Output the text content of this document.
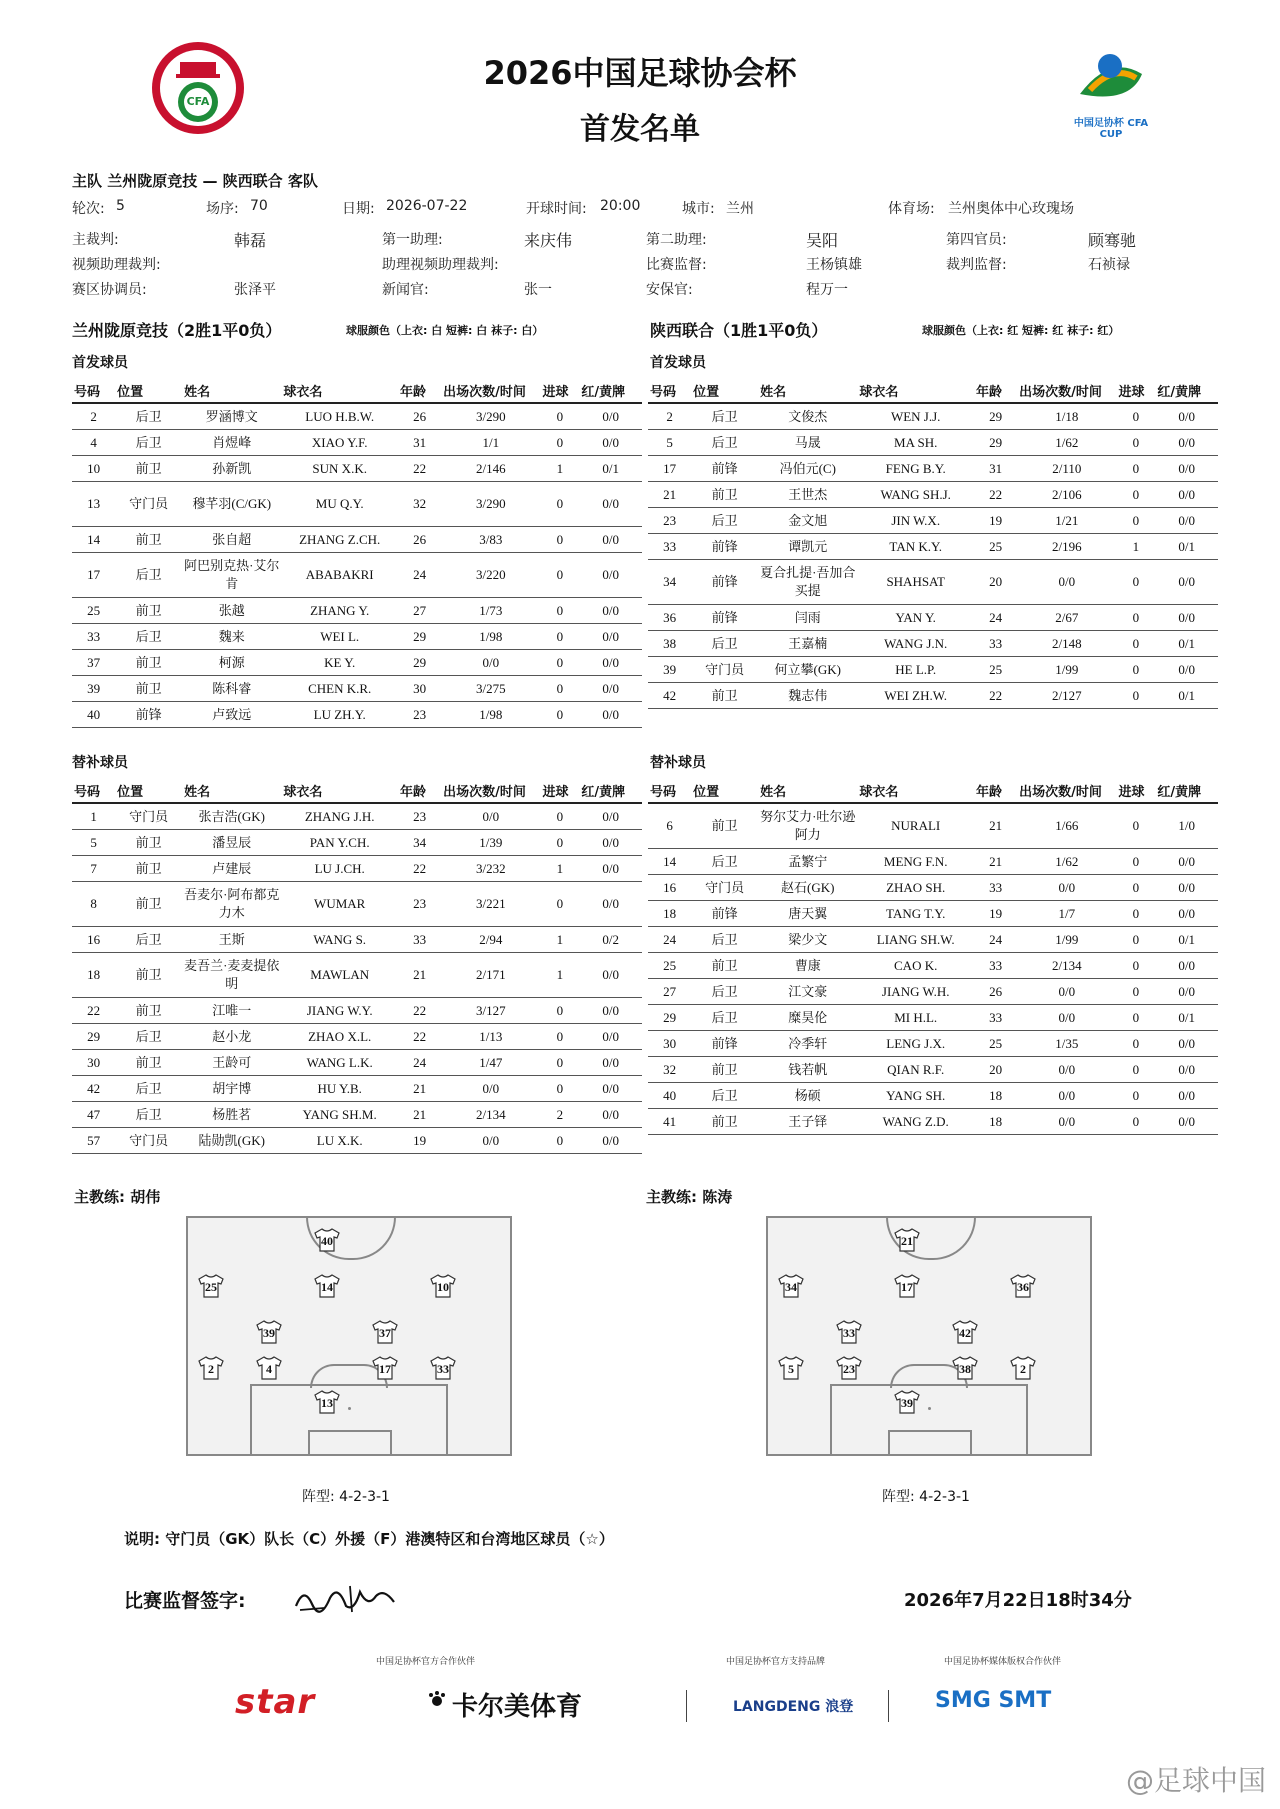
CFA
中国足协杯 CFA CUP
2026中国足球协会杯
首发名单
主队 兰州陇原竞技 — 陕西联合 客队
轮次: 5	场序: 70	日期: 2026-07-22	开球时间: 20:00	城市: 兰州	体育场: 兰州奥体中心玫瑰场
主裁判:	韩磊	第一助理:	来庆伟	第二助理:	吴阳	第四官员:	顾骞驰
视频助理裁判:	助理视频助理裁判:	比赛监督:	王杨镇雄	裁判监督:	石祯禄
赛区协调员:	张泽平	新闻官:	张一	安保官:	程万一
兰州陇原竞技（2胜1平0负）	球服颜色（上衣: 白 短裤: 白 袜子: 白）	陕西联合（1胜1平0负）	球服颜色（上衣: 红 短裤: 红 袜子: 红）
首发球员	首发球员
号码	位置	姓名	球衣名	年龄	出场次数/时间	进球	红/黄牌
2	后卫	罗涵博文	LUO H.B.W.	26	3/290	0	0/0
4	后卫	肖煜峰	XIAO Y.F.	31	1/1	0	0/0
10	前卫	孙新凯	SUN X.K.	22	2/146	1	0/1
13	守门员	穆芊羽(C/GK)	MU Q.Y.	32	3/290	0	0/0
14	前卫	张自超	ZHANG Z.CH.	26	3/83	0	0/0
17	后卫	阿巴别克热·艾尔肯	ABABAKRI	24	3/220	0	0/0
25	前卫	张越	ZHANG Y.	27	1/73	0	0/0
33	后卫	魏来	WEI L.	29	1/98	0	0/0
37	前卫	柯源	KE Y.	29	0/0	0	0/0
39	前卫	陈科睿	CHEN K.R.	30	3/275	0	0/0
40	前锋	卢致远	LU ZH.Y.	23	1/98	0	0/0
号码	位置	姓名	球衣名	年龄	出场次数/时间	进球	红/黄牌
2	后卫	文俊杰	WEN J.J.	29	1/18	0	0/0
5	后卫	马晟	MA SH.	29	1/62	0	0/0
17	前锋	冯伯元(C)	FENG B.Y.	31	2/110	0	0/0
21	前卫	王世杰	WANG SH.J.	22	2/106	0	0/0
23	后卫	金文旭	JIN W.X.	19	1/21	0	0/0
33	前锋	谭凯元	TAN K.Y.	25	2/196	1	0/1
34	前锋	夏合扎提·吾加合买提	SHAHSAT	20	0/0	0	0/0
36	前锋	闫雨	YAN Y.	24	2/67	0	0/0
38	后卫	王嘉楠	WANG J.N.	33	2/148	0	0/1
39	守门员	何立攀(GK)	HE L.P.	25	1/99	0	0/0
42	前卫	魏志伟	WEI ZH.W.	22	2/127	0	0/1
替补球员	替补球员
号码	位置	姓名	球衣名	年龄	出场次数/时间	进球	红/黄牌
1	守门员	张吉浩(GK)	ZHANG J.H.	23	0/0	0	0/0
5	前卫	潘昱辰	PAN Y.CH.	34	1/39	0	0/0
7	前卫	卢建辰	LU J.CH.	22	3/232	1	0/0
8	前卫	吾麦尔·阿布都克力木	WUMAR	23	3/221	0	0/0
16	后卫	王斯	WANG S.	33	2/94	1	0/2
18	前卫	麦吾兰·麦麦提依明	MAWLAN	21	2/171	1	0/0
22	前卫	江唯一	JIANG W.Y.	22	3/127	0	0/0
29	后卫	赵小龙	ZHAO X.L.	22	1/13	0	0/0
30	前卫	王龄可	WANG L.K.	24	1/47	0	0/0
42	后卫	胡宇博	HU Y.B.	21	0/0	0	0/0
47	后卫	杨胜茗	YANG SH.M.	21	2/134	2	0/0
57	守门员	陆勋凯(GK)	LU X.K.	19	0/0	0	0/0
号码	位置	姓名	球衣名	年龄	出场次数/时间	进球	红/黄牌
6	前卫	努尔艾力·吐尔逊阿力	NURALI	21	1/66	0	1/0
14	后卫	孟繁宁	MENG F.N.	21	1/62	0	0/0
16	守门员	赵石(GK)	ZHAO SH.	33	0/0	0	0/0
18	前锋	唐天翼	TANG T.Y.	19	1/7	0	0/0
24	后卫	梁少文	LIANG SH.W.	24	1/99	0	0/1
25	前卫	曹康	CAO K.	33	2/134	0	0/0
27	后卫	江文豪	JIANG W.H.	26	0/0	0	0/0
29	后卫	糜昊伦	MI H.L.	33	0/0	0	0/1
30	前锋	冷季轩	LENG J.X.	25	1/35	0	0/0
32	前卫	钱若帆	QIAN R.F.	20	0/0	0	0/0
40	后卫	杨硕	YANG SH.	18	0/0	0	0/0
41	前卫	王子铎	WANG Z.D.	18	0/0	0	0/0
主教练: 胡伟	主教练: 陈涛
40
25	14	10
39	37
2	4	17	33
13
21
34	17	36
33	42
5	23	38	2
39
阵型: 4-2-3-1	阵型: 4-2-3-1
说明: 守门员（GK）队长（C）外援（F）港澳特区和台湾地区球员（☆）
比赛监督签字:	2026年7月22日18时34分
中国足协杯官方合作伙伴	中国足协杯官方支持品牌	中国足协杯媒体版权合作伙伴
star	卡尔美体育	LANGDENG 浪登	SMG SMT
@足球中国
